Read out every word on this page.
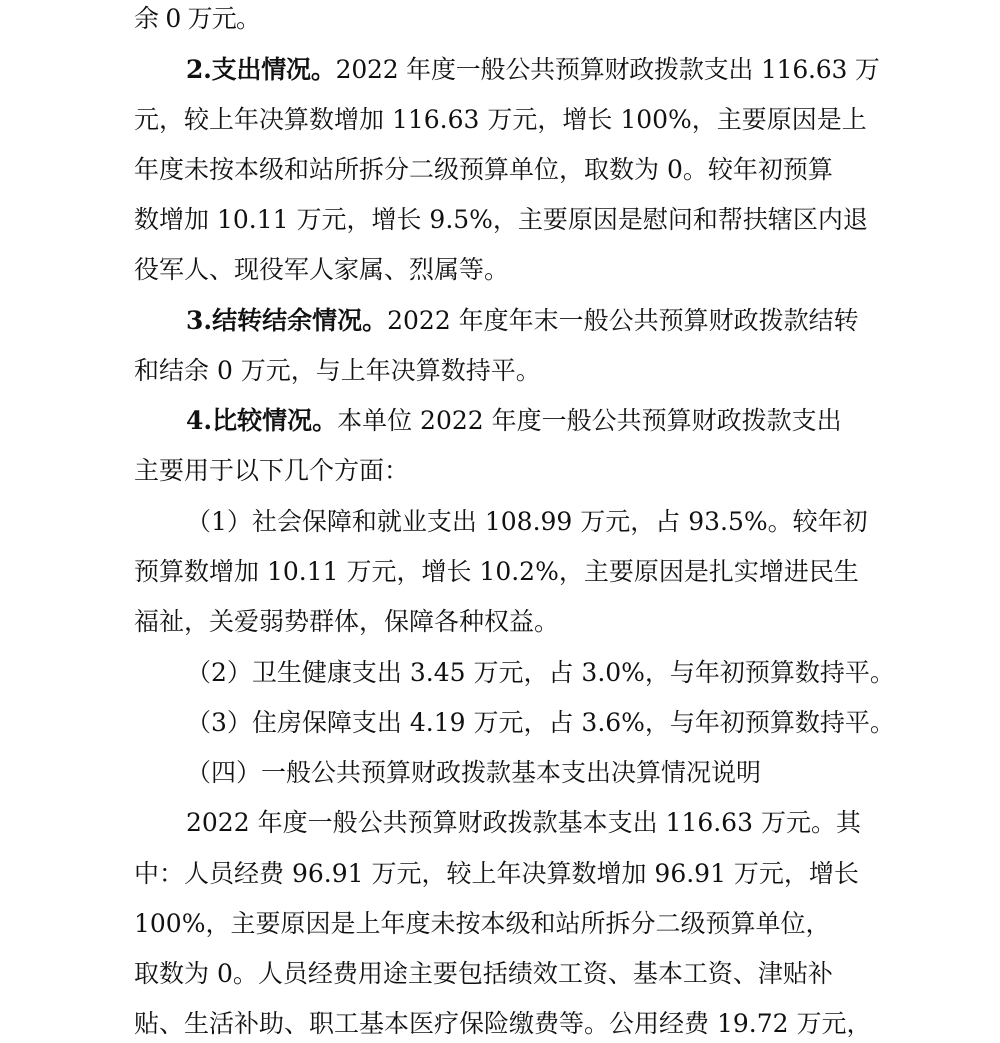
余 0 万元。
2.支出情况。2022 年度一般公共预算财政拨款支出 116.63 万
元，较上年决算数增加 116.63 万元，增长 100%，主要原因是上
年度未按本级和站所拆分二级预算单位，取数为 0。较年初预算
数增加 10.11 万元，增长 9.5%，主要原因是慰问和帮扶辖区内退
役军人、现役军人家属、烈属等。
3.结转结余情况。2022 年度年末一般公共预算财政拨款结转
和结余 0 万元，与上年决算数持平。
4.比较情况。本单位 2022 年度一般公共预算财政拨款支出
主要用于以下几个方面：
（1）社会保障和就业支出 108.99 万元，占 93.5%。较年初
预算数增加 10.11 万元，增长 10.2%，主要原因是扎实增进民生
福祉，关爱弱势群体，保障各种权益。
（2）卫生健康支出 3.45 万元，占 3.0%，与年初预算数持平。
（3）住房保障支出 4.19 万元，占 3.6%，与年初预算数持平。
（四）一般公共预算财政拨款基本支出决算情况说明
2022 年度一般公共预算财政拨款基本支出 116.63 万元。其
中：人员经费 96.91 万元，较上年决算数增加 96.91 万元，增长
100%，主要原因是上年度未按本级和站所拆分二级预算单位，
取数为 0。人员经费用途主要包括绩效工资、基本工资、津贴补
贴、生活补助、职工基本医疗保险缴费等。公用经费 19.72 万元，
